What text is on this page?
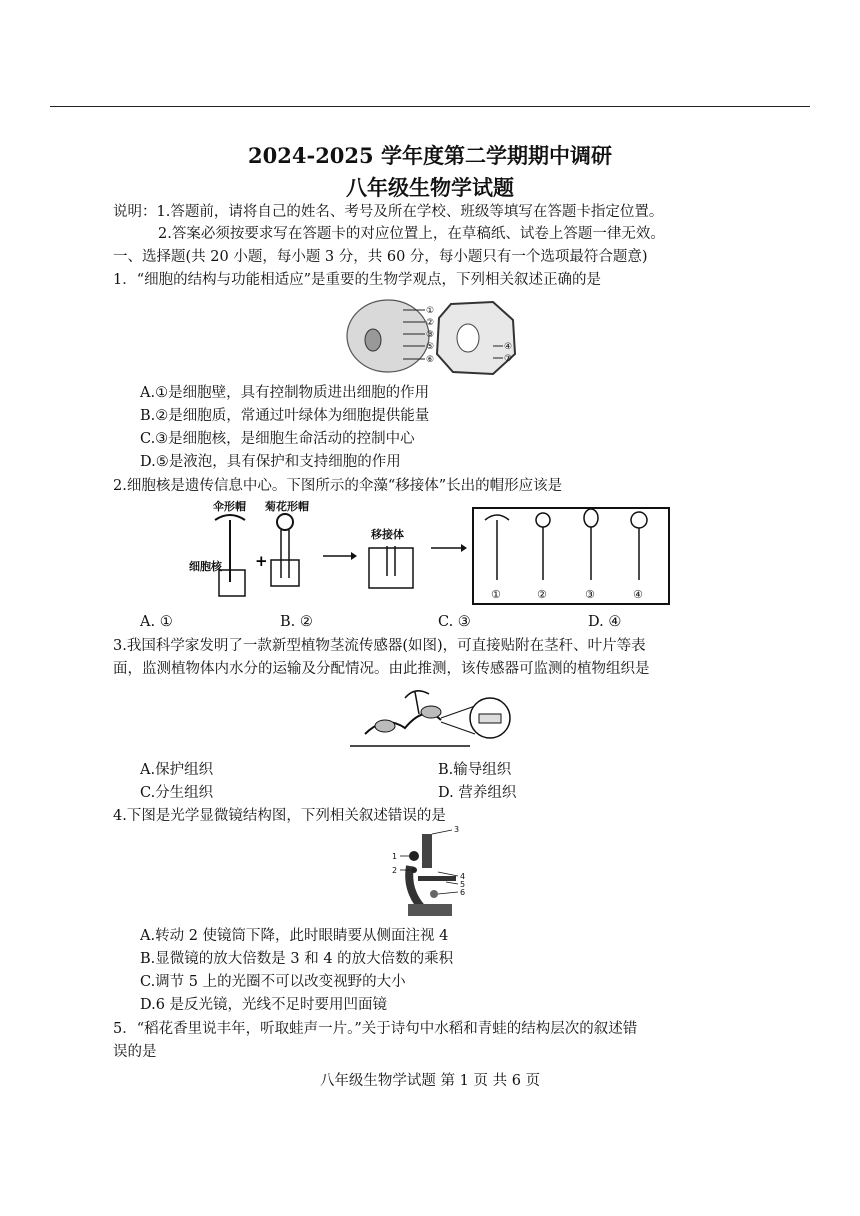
2024-2025 学年度第二学期期中调研
八年级生物学试题
说明：1.答题前，请将自己的姓名、考号及所在学校、班级等填写在答题卡指定位置。
2.答案必须按要求写在答题卡的对应位置上，在草稿纸、试卷上答题一律无效。
一、选择题(共 20 小题，每小题 3 分，共 60 分，每小题只有一个选项最符合题意)
1．“细胞的结构与功能相适应”是重要的生物学观点，下列相关叙述正确的是
①
②
③
⑤
⑥
④
⑦
A.①是细胞壁，具有控制物质进出细胞的作用
B.②是细胞质，常通过叶绿体为细胞提供能量
C.③是细胞核，是细胞生命活动的控制中心
D.⑤是液泡，具有保护和支持细胞的作用
2.细胞核是遗传信息中心。下图所示的伞藻“移接体”长出的帽形应该是
伞形帽 菊花形帽
细胞核
移接体
+
①	②	③	④
A. ①	B. ②	C. ③	D. ④
3.我国科学家发明了一款新型植物茎流传感器(如图)，可直接贴附在茎秆、叶片等表
面，监测植物体内水分的运输及分配情况。由此推测，该传感器可监测的植物组织是
A.保护组织	B.输导组织
C.分生组织	D. 营养组织
4.下图是光学显微镜结构图，下列相关叙述错误的是
1
2
3
4
5
6
A.转动 2 使镜筒下降，此时眼睛要从侧面注视 4
B.显微镜的放大倍数是 3 和 4 的放大倍数的乘积
C.调节 5 上的光圈不可以改变视野的大小
D.6 是反光镜，光线不足时要用凹面镜
5．“稻花香里说丰年，听取蛙声一片。”关于诗句中水稻和青蛙的结构层次的叙述错
误的是
八年级生物学试题 第 1 页 共 6 页
